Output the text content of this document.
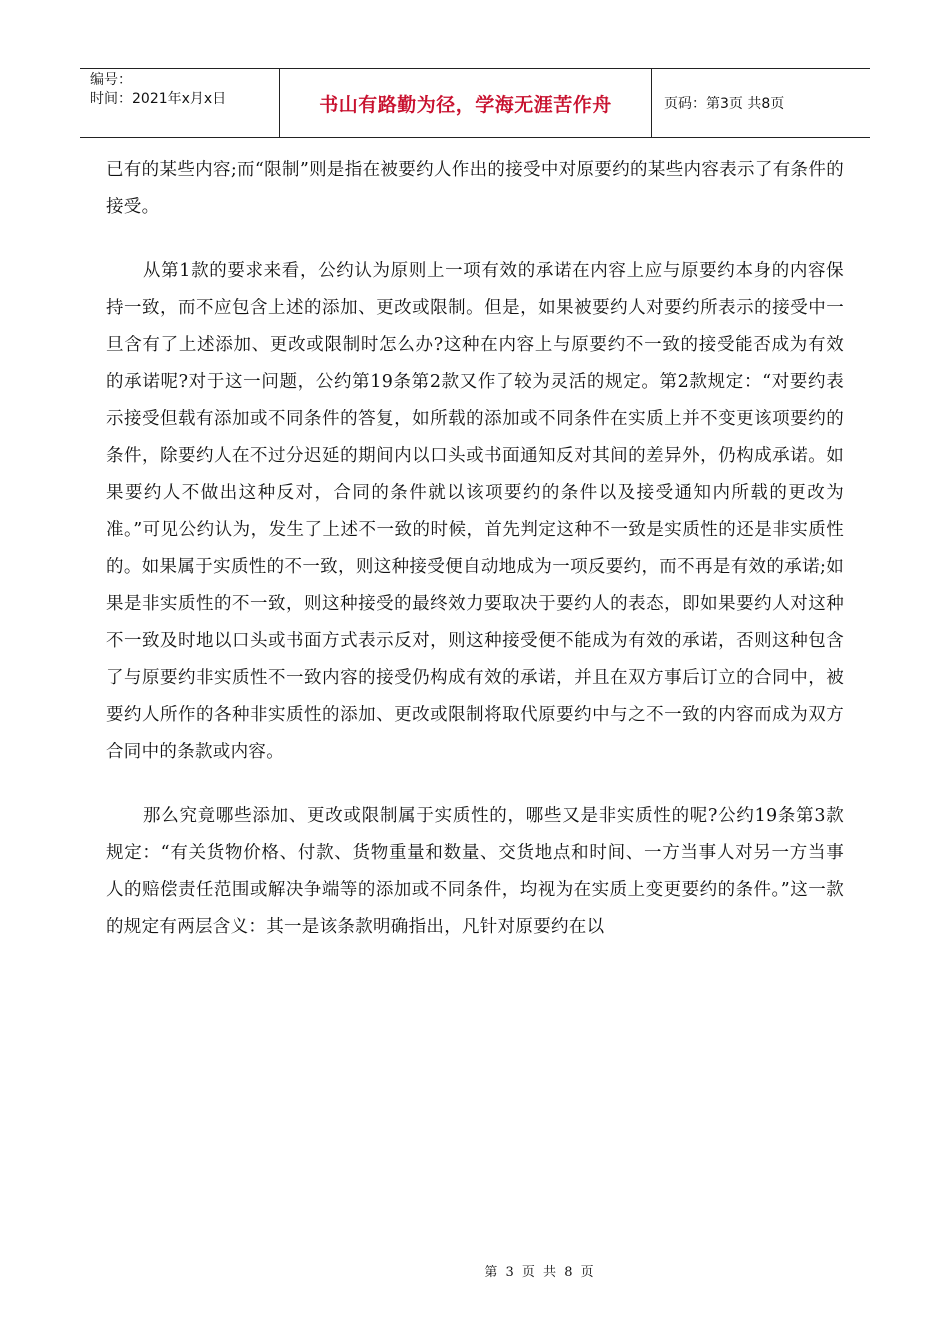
编号：
时间：2021年x月x日	书山有路勤为径，学海无涯苦作舟	页码：第3页 共8页

已有的某些内容;而“限制”则是指在被要约人作出的接受中对原要约的某些内容表示了有条件的接受。

从第1款的要求来看，公约认为原则上一项有效的承诺在内容上应与原要约本身的内容保持一致，而不应包含上述的添加、更改或限制。但是，如果被要约人对要约所表示的接受中一旦含有了上述添加、更改或限制时怎么办?这种在内容上与原要约不一致的接受能否成为有效的承诺呢?对于这一问题，公约第19条第2款又作了较为灵活的规定。第2款规定：“对要约表示接受但载有添加或不同条件的答复，如所载的添加或不同条件在实质上并不变更该项要约的条件，除要约人在不过分迟延的期间内以口头或书面通知反对其间的差异外，仍构成承诺。如果要约人不做出这种反对，合同的条件就以该项要约的条件以及接受通知内所载的更改为准。”可见公约认为，发生了上述不一致的时候，首先判定这种不一致是实质性的还是非实质性的。如果属于实质性的不一致，则这种接受便自动地成为一项反要约，而不再是有效的承诺;如果是非实质性的不一致，则这种接受的最终效力要取决于要约人的表态，即如果要约人对这种不一致及时地以口头或书面方式表示反对，则这种接受便不能成为有效的承诺，否则这种包含了与原要约非实质性不一致内容的接受仍构成有效的承诺，并且在双方事后订立的合同中，被要约人所作的各种非实质性的添加、更改或限制将取代原要约中与之不一致的内容而成为双方合同中的条款或内容。

那么究竟哪些添加、更改或限制属于实质性的，哪些又是非实质性的呢?公约19条第3款规定：“有关货物价格、付款、货物重量和数量、交货地点和时间、一方当事人对另一方当事人的赔偿责任范围或解决争端等的添加或不同条件，均视为在实质上变更要约的条件。”这一款的规定有两层含义：其一是该条款明确指出，凡针对原要约在以

第 3 页 共 8 页
